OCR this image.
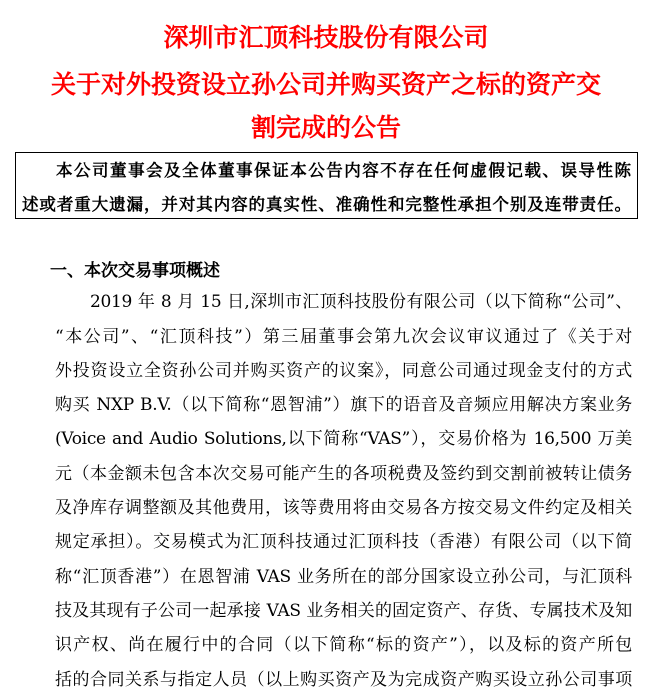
深圳市汇顶科技股份有限公司
关于对外投资设立孙公司并购买资产之标的资产交
割完成的公告
本公司董事会及全体董事保证本公告内容不存在任何虚假记载、误导性陈
述或者重大遗漏，并对其内容的真实性、准确性和完整性承担个别及连带责任。
一、本次交易事项概述
2019 年 8 月 15 日,深圳市汇顶科技股份有限公司（以下简称“公司”、
“本公司”、“汇顶科技”）第三届董事会第九次会议审议通过了《关于对
外投资设立全资孙公司并购买资产的议案》，同意公司通过现金支付的方式
购买 NXP B.V.（以下简称“恩智浦”）旗下的语音及音频应用解决方案业务
(Voice and Audio Solutions,以下简称“VAS”），交易价格为 16,500 万美
元（本金额未包含本次交易可能产生的各项税费及签约到交割前被转让债务
及净库存调整额及其他费用，该等费用将由交易各方按交易文件约定及相关
规定承担）。交易模式为汇顶科技通过汇顶科技（香港）有限公司（以下简
称“汇顶香港”）在恩智浦 VAS 业务所在的部分国家设立孙公司，与汇顶科
技及其现有子公司一起承接 VAS 业务相关的固定资产、存货、专属技术及知
识产权、尚在履行中的合同（以下简称“标的资产”），以及标的资产所包
括的合同关系与指定人员（以上购买资产及为完成资产购买设立孙公司事项
